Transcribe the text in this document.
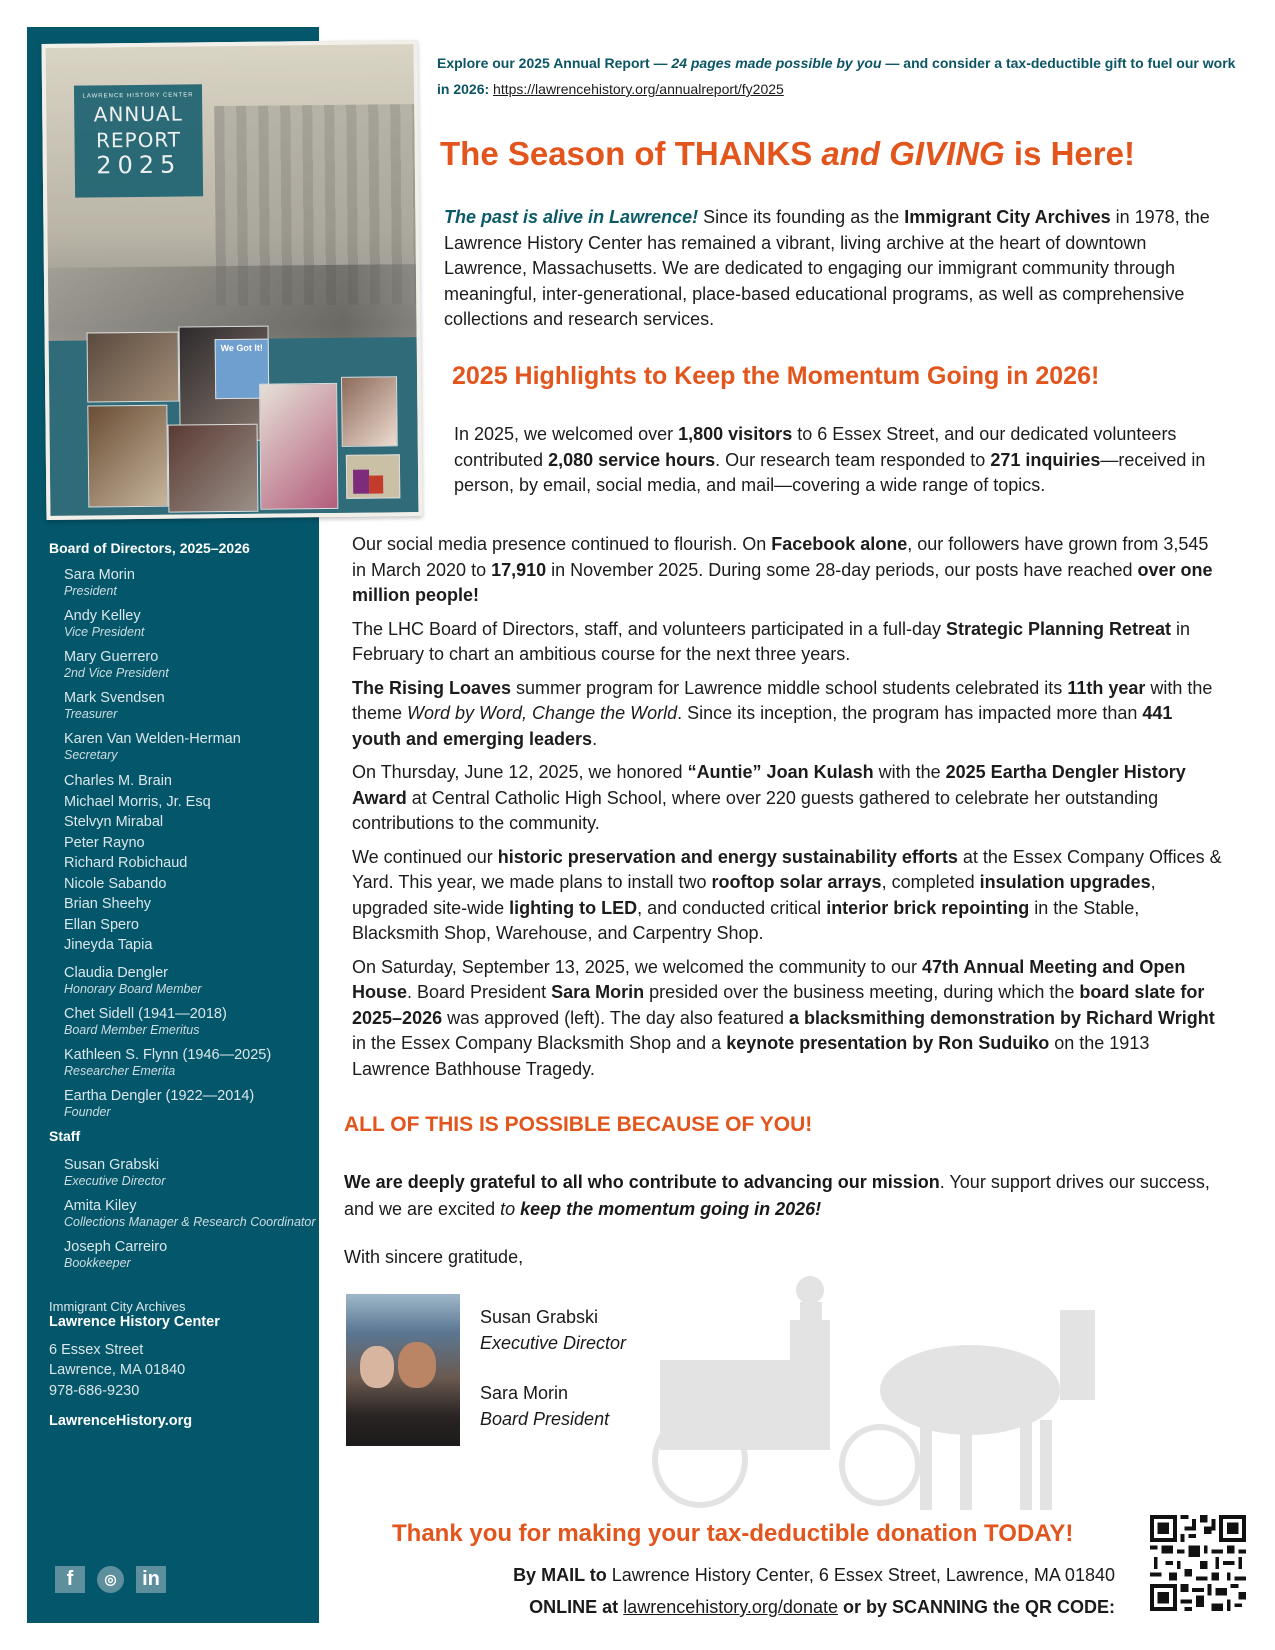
LAWRENCE HISTORY CENTER
ANNUAL
REPORT
2025
We Got It!
Board of Directors, 2025–2026
Sara Morin
President
Andy Kelley
Vice President
Mary Guerrero
2nd Vice President
Mark Svendsen
Treasurer
Karen Van Welden-Herman
Secretary
Charles M. Brain
Michael Morris, Jr. Esq
Stelvyn Mirabal
Peter Rayno
Richard Robichaud
Nicole Sabando
Brian Sheehy
Ellan Spero
Jineyda Tapia
Claudia Dengler
Honorary Board Member
Chet Sidell (1941—2018)
Board Member Emeritus
Kathleen S. Flynn (1946—2025)
Researcher Emerita
Eartha Dengler (1922—2014)
Founder
Staff
Susan Grabski
Executive Director
Amita Kiley
Collections Manager & Research Coordinator
Joseph Carreiro
Bookkeeper
Immigrant City Archives
Lawrence History Center
6 Essex Street
Lawrence, MA 01840
978-686-9230
LawrenceHistory.org
f	◎	in
Explore our 2025 Annual Report — 24 pages made possible by you — and consider a tax-deductible gift to fuel our work in 2026: https://lawrencehistory.org/annualreport/fy2025
The Season of THANKS and GIVING is Here!
The past is alive in Lawrence! Since its founding as the Immigrant City Archives in 1978, the Lawrence History Center has remained a vibrant, living archive at the heart of downtown Lawrence, Massachusetts. We are dedicated to engaging our immigrant community through meaningful, inter-generational, place-based educational programs, as well as comprehensive collections and research services.
2025 Highlights to Keep the Momentum Going in 2026!
In 2025, we welcomed over 1,800 visitors to 6 Essex Street, and our dedicated volunteers contributed 2,080 service hours. Our research team responded to 271 inquiries—received in person, by email, social media, and mail—covering a wide range of topics.

Our social media presence continued to flourish. On Facebook alone, our followers have grown from 3,545 in March 2020 to 17,910 in November 2025. During some 28-day periods, our posts have reached over one million people!

The LHC Board of Directors, staff, and volunteers participated in a full-day Strategic Planning Retreat in February to chart an ambitious course for the next three years.

The Rising Loaves summer program for Lawrence middle school students celebrated its 11th year with the theme Word by Word, Change the World. Since its inception, the program has impacted more than 441 youth and emerging leaders.

On Thursday, June 12, 2025, we honored “Auntie” Joan Kulash with the 2025 Eartha Dengler History Award at Central Catholic High School, where over 220 guests gathered to celebrate her outstanding contributions to the community.

We continued our historic preservation and energy sustainability efforts at the Essex Company Offices & Yard. This year, we made plans to install two rooftop solar arrays, completed insulation upgrades, upgraded site-wide lighting to LED, and conducted critical interior brick repointing in the Stable, Blacksmith Shop, Warehouse, and Carpentry Shop.

On Saturday, September 13, 2025, we welcomed the community to our 47th Annual Meeting and Open House. Board President Sara Morin presided over the business meeting, during which the board slate for 2025–2026 was approved (left). The day also featured a blacksmithing demonstration by Richard Wright in the Essex Company Blacksmith Shop and a keynote presentation by Ron Suduiko on the 1913 Lawrence Bathhouse Tragedy.

ALL OF THIS IS POSSIBLE BECAUSE OF YOU!
We are deeply grateful to all who contribute to advancing our mission. Your support drives our success, and we are excited to keep the momentum going in 2026!
With sincere gratitude,
Susan Grabski
Executive Director
Sara Morin
Board President
Thank you for making your tax-deductible donation TODAY!
By MAIL to Lawrence History Center, 6 Essex Street, Lawrence, MA 01840
ONLINE at lawrencehistory.org/donate or by SCANNING the QR CODE:
